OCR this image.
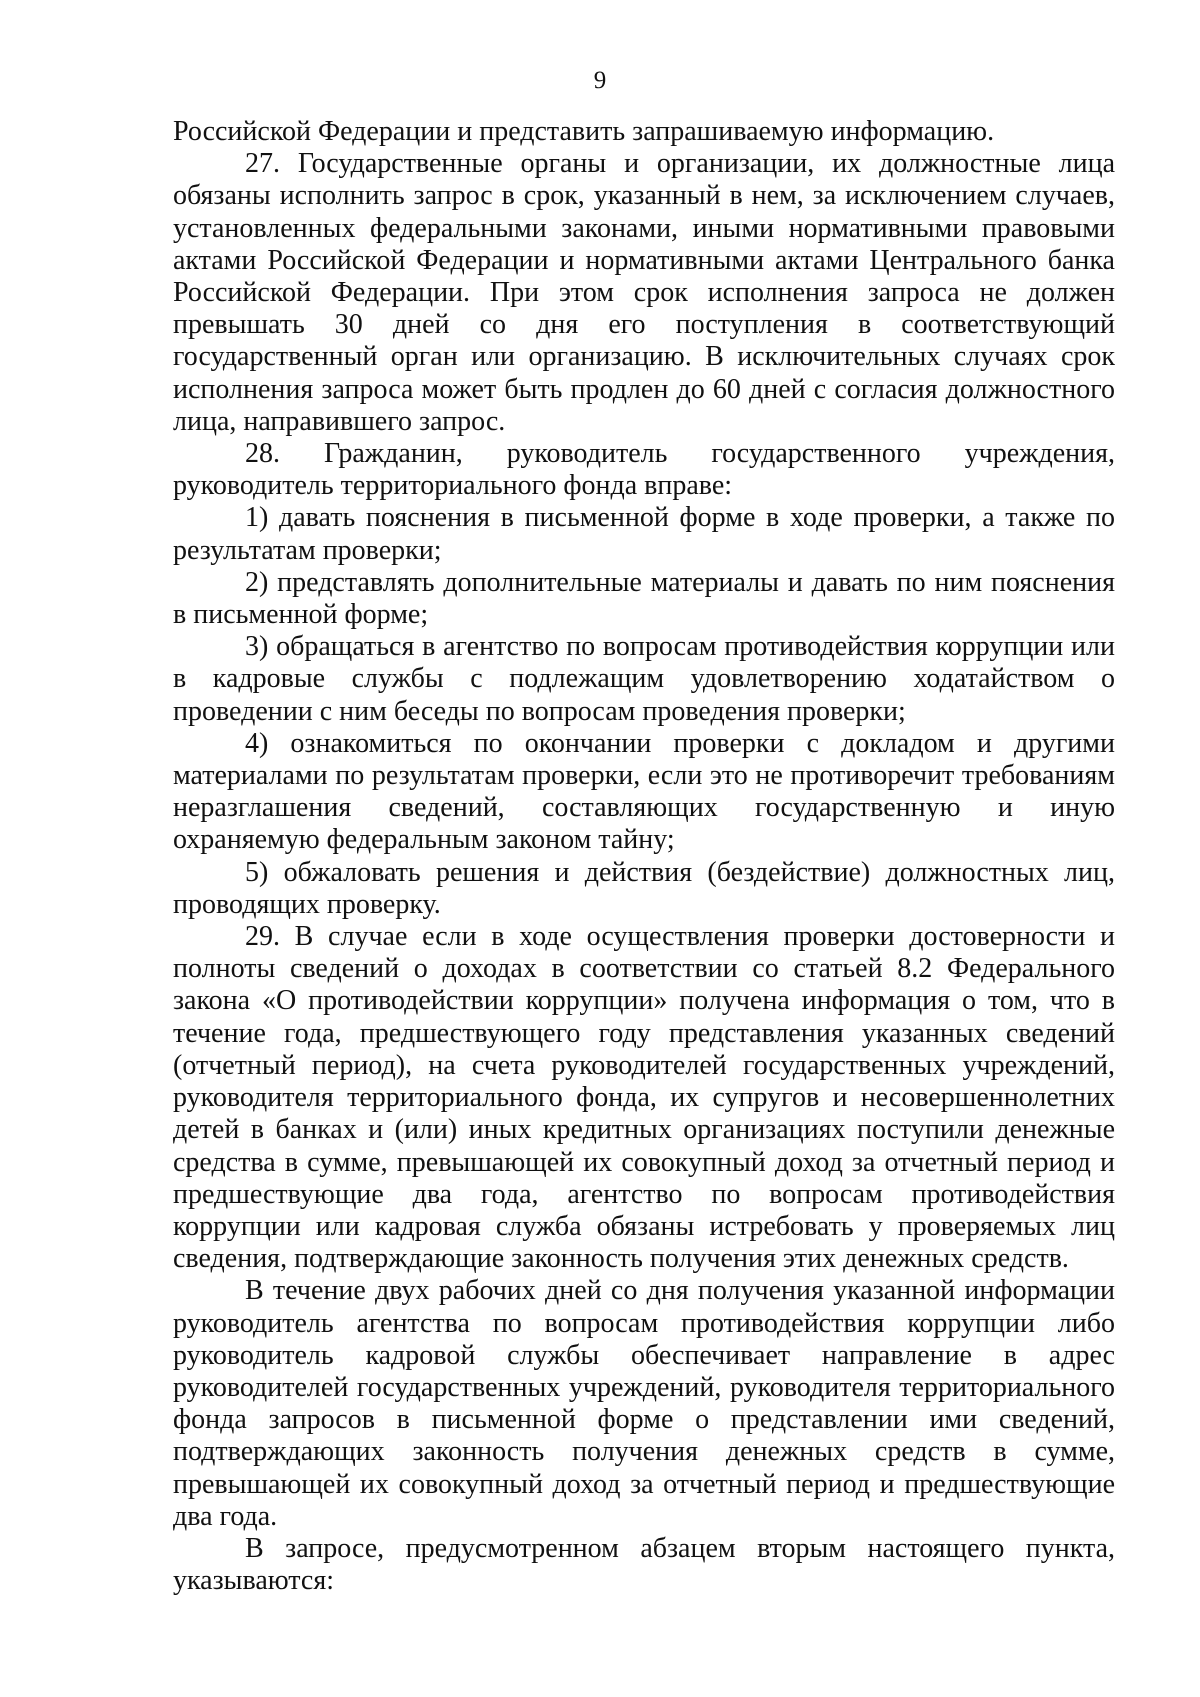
9

Российской Федерации и представить запрашиваемую информацию.

27. Государственные органы и организации, их должностные лица обязаны исполнить запрос в срок, указанный в нем, за исключением случаев, установленных федеральными законами, иными нормативными правовыми актами Российской Федерации и нормативными актами Центрального банка Российской Федерации. При этом срок исполнения запроса не должен превышать 30 дней со дня его поступления в соответствующий государственный орган или организацию. В исключительных случаях срок исполнения запроса может быть продлен до 60 дней с согласия должностного лица, направившего запрос.

28. Гражданин, руководитель государственного учреждения, руководитель территориального фонда вправе:

1) давать пояснения в письменной форме в ходе проверки, а также по результатам проверки;

2) представлять дополнительные материалы и давать по ним пояснения в письменной форме;

3) обращаться в агентство по вопросам противодействия коррупции или в кадровые службы с подлежащим удовлетворению ходатайством о проведении с ним беседы по вопросам проведения проверки;

4) ознакомиться по окончании проверки с докладом и другими материалами по результатам проверки, если это не противоречит требованиям неразглашения сведений, составляющих государственную и иную охраняемую федеральным законом тайну;

5) обжаловать решения и действия (бездействие) должностных лиц, проводящих проверку.

29. В случае если в ходе осуществления проверки достоверности и полноты сведений о доходах в соответствии со статьей 8.2 Федерального закона «О противодействии коррупции» получена информация о том, что в течение года, предшествующего году представления указанных сведений (отчетный период), на счета руководителей государственных учреждений, руководителя территориального фонда, их супругов и несовершеннолетних детей в банках и (или) иных кредитных организациях поступили денежные средства в сумме, превышающей их совокупный доход за отчетный период и предшествующие два года, агентство по вопросам противодействия коррупции или кадровая служба обязаны истребовать у проверяемых лиц сведения, подтверждающие законность получения этих денежных средств.

В течение двух рабочих дней со дня получения указанной информации руководитель агентства по вопросам противодействия коррупции либо руководитель кадровой службы обеспечивает направление в адрес руководителей государственных учреждений, руководителя территориального фонда запросов в письменной форме о представлении ими сведений, подтверждающих законность получения денежных средств в сумме, превышающей их совокупный доход за отчетный период и предшествующие два года.

В запросе, предусмотренном абзацем вторым настоящего пункта, указываются:
